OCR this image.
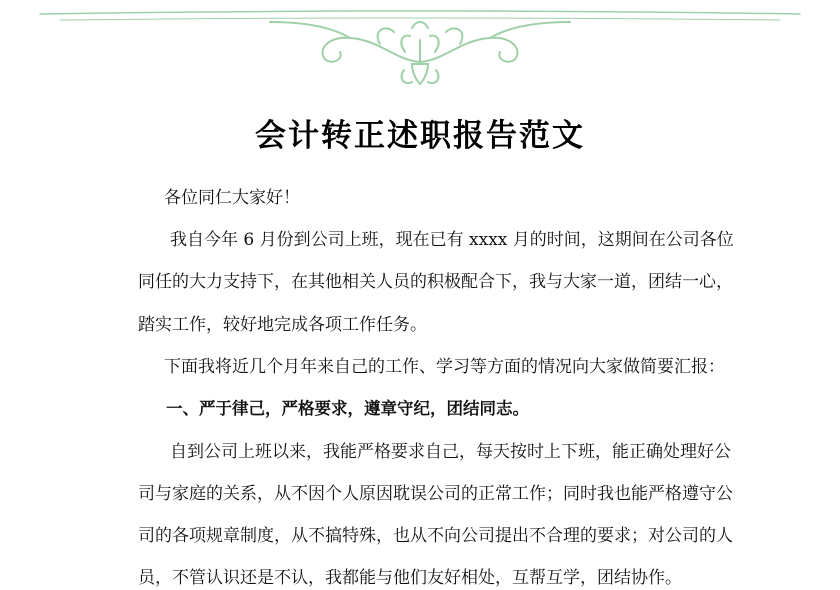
会计转正述职报告范文
各位同仁大家好！
我自今年 6 月份到公司上班，现在已有 xxxx 月的时间，这期间在公司各位
同任的大力支持下，在其他相关人员的积极配合下，我与大家一道，团结一心，
踏实工作，较好地完成各项工作任务。
下面我将近几个月年来自己的工作、学习等方面的情况向大家做简要汇报：
一、严于律己，严格要求，遵章守纪，团结同志。
自到公司上班以来，我能严格要求自己，每天按时上下班，能正确处理好公
司与家庭的关系，从不因个人原因耽误公司的正常工作；同时我也能严格遵守公
司的各项规章制度，从不搞特殊，也从不向公司提出不合理的要求；对公司的人
员，不管认识还是不认，我都能与他们友好相处，互帮互学，团结协作。
